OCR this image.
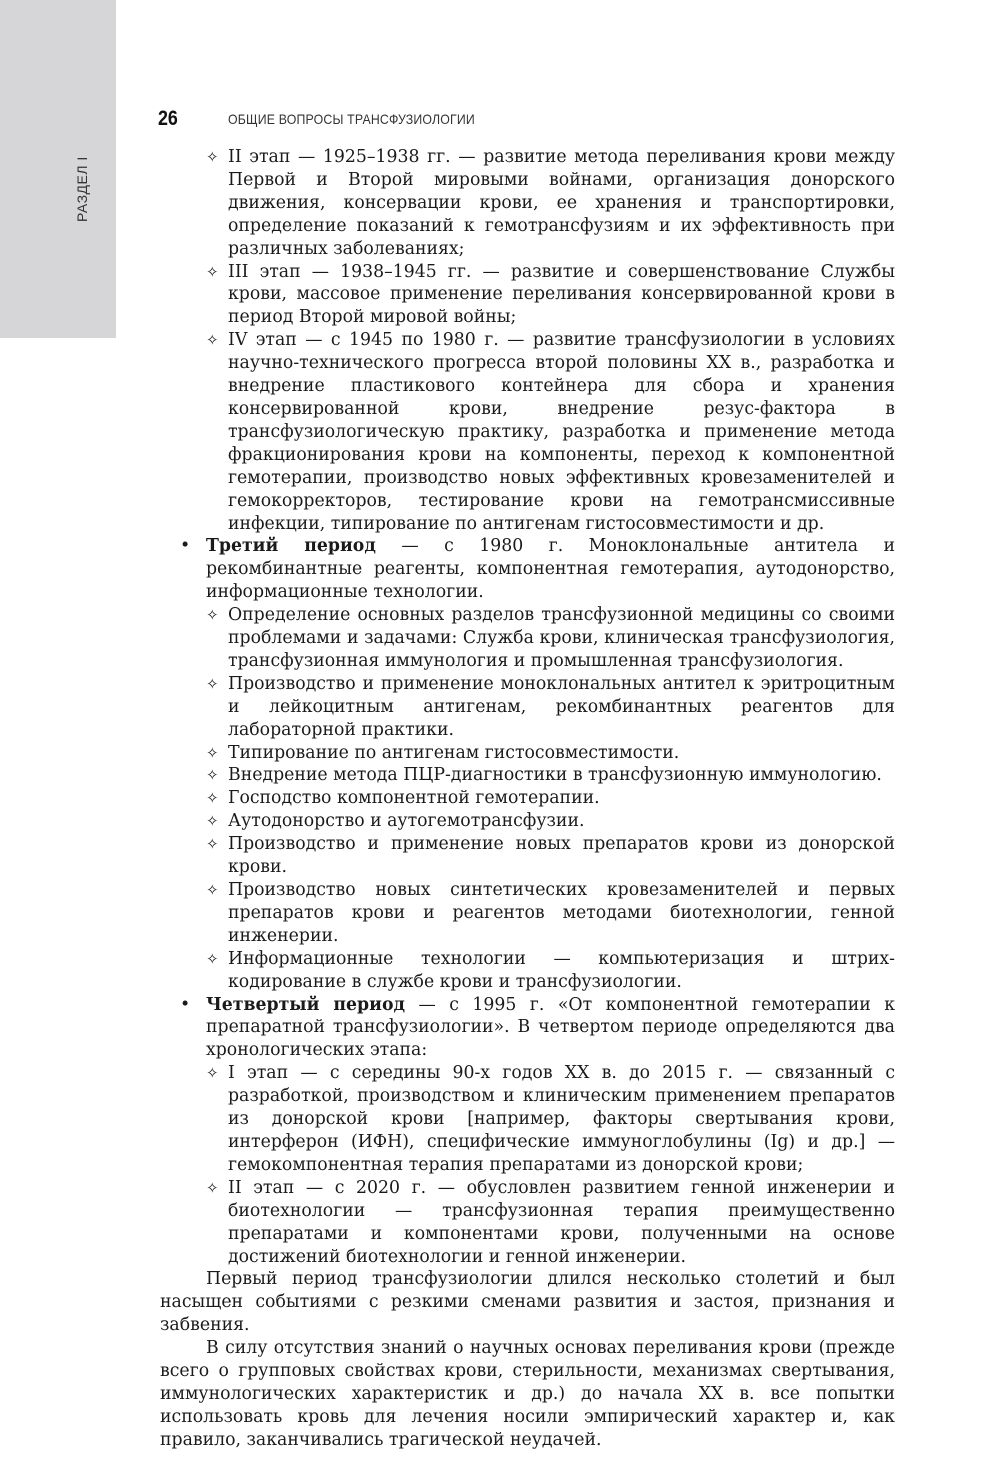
РАЗДЕЛ I
26	ОБЩИЕ ВОПРОСЫ ТРАНСФУЗИОЛОГИИ
✧ II этап — 1925–1938 гг. — развитие метода переливания крови между Первой и Второй мировыми войнами, организация донорского движения, консервации крови, ее хранения и транспортировки, определение показаний к гемотрансфузиям и их эффективность при различных заболеваниях;
✧ III этап — 1938–1945 гг. — развитие и совершенствование Службы крови, массовое применение переливания консервированной крови в период Второй мировой войны;
✧ IV этап — с 1945 по 1980 г. — развитие трансфузиологии в условиях научно-технического прогресса второй половины XX в., разработка и внедрение пластикового контейнера для сбора и хранения консервированной крови, внедрение резус-фактора в трансфузиологическую практику, разработка и применение метода фракционирования крови на компоненты, переход к компонентной гемотерапии, производство новых эффективных кровезаменителей и гемокорректоров, тестирование крови на гемотрансмиссивные инфекции, типирование по антигенам гистосовместимости и др.
• Третий период — с 1980 г. Моноклональные антитела и рекомбинантные реагенты, компонентная гемотерапия, аутодонорство, информационные технологии.
✧ Определение основных разделов трансфузионной медицины со своими проблемами и задачами: Служба крови, клиническая трансфузиология, трансфузионная иммунология и промышленная трансфузиология.
✧ Производство и применение моноклональных антител к эритроцитным и лейкоцитным антигенам, рекомбинантных реагентов для лабораторной практики.
✧ Типирование по антигенам гистосовместимости.
✧ Внедрение метода ПЦР-диагностики в трансфузионную иммунологию.
✧ Господство компонентной гемотерапии.
✧ Аутодонорство и аутогемотрансфузии.
✧ Производство и применение новых препаратов крови из донорской крови.
✧ Производство новых синтетических кровезаменителей и первых препаратов крови и реагентов методами биотехнологии, генной инженерии.
✧ Информационные технологии — компьютеризация и штрих-кодирование в службе крови и трансфузиологии.
• Четвертый период — с 1995 г. «От компонентной гемотерапии к препаратной трансфузиологии». В четвертом периоде определяются два хронологических этапа:
✧ I этап — с середины 90-х годов XX в. до 2015 г. — связанный с разработкой, производством и клиническим применением препаратов из донорской крови [например, факторы свертывания крови, интерферон (ИФН), специфические иммуноглобулины (Ig) и др.] — гемокомпонентная терапия препаратами из донорской крови;
✧ II этап — с 2020 г. — обусловлен развитием генной инженерии и биотехнологии — трансфузионная терапия преимущественно препаратами и компонентами крови, полученными на основе достижений биотехнологии и генной инженерии.

Первый период трансфузиологии длился несколько столетий и был насыщен событиями с резкими сменами развития и застоя, признания и забвения.

В силу отсутствия знаний о научных основах переливания крови (прежде всего о групповых свойствах крови, стерильности, механизмах свертывания, иммунологических характеристик и др.) до начала XX в. все попытки использовать кровь для лечения носили эмпирический характер и, как правило, заканчивались трагической неудачей.
